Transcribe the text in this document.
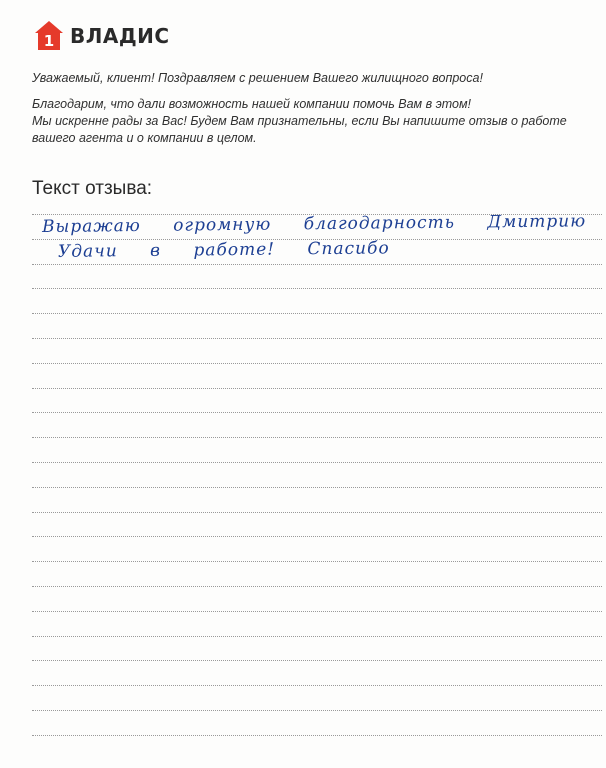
1 ВЛАДИС

Уважаемый, клиент! Поздравляем с решением Вашего жилищного вопроса!

Благодарим, что дали возможность нашей компании помочь Вам в этом!
Мы искренне рады за Вас! Будем Вам признательны, если Вы напишите отзыв о работе
вашего агента и о компании в целом.

Текст отзыва:
Выражаю огромную благодарность Дмитрию
Удачи в работе! Спасибо
